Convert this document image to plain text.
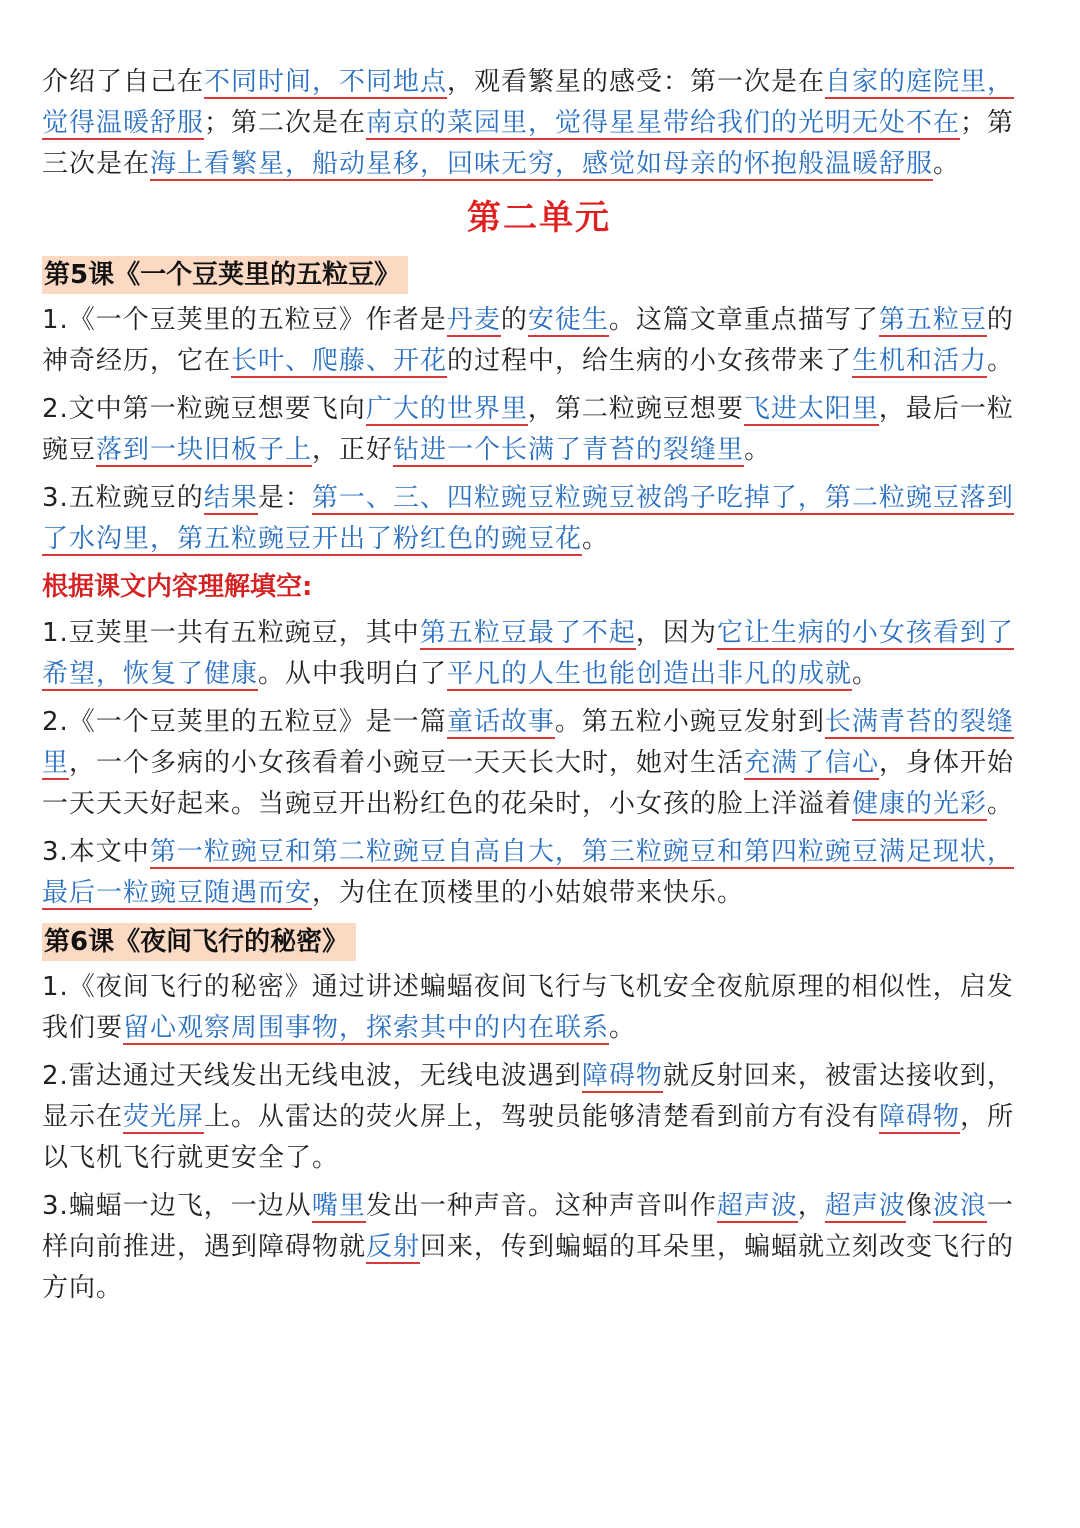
介绍了自己在不同时间，不同地点，观看繁星的感受：第一次是在自家的庭院里，觉得温暖舒服；第二次是在南京的菜园里，觉得星星带给我们的光明无处不在；第三次是在海上看繁星，船动星移，回味无穷，感觉如母亲的怀抱般温暖舒服。

第二单元
第5课《一个豆荚里的五粒豆》

1.《一个豆荚里的五粒豆》作者是丹麦的安徒生。这篇文章重点描写了第五粒豆的神奇经历，它在长叶、爬藤、开花的过程中，给生病的小女孩带来了生机和活力。

2.文中第一粒豌豆想要飞向广大的世界里，第二粒豌豆想要飞进太阳里，最后一粒豌豆落到一块旧板子上，正好钻进一个长满了青苔的裂缝里。

3.五粒豌豆的结果是：第一、三、四粒豌豆粒豌豆被鸽子吃掉了，第二粒豌豆落到了水沟里，第五粒豌豆开出了粉红色的豌豆花。

根据课文内容理解填空:

1.豆荚里一共有五粒豌豆，其中第五粒豆最了不起，因为它让生病的小女孩看到了希望，恢复了健康。从中我明白了平凡的人生也能创造出非凡的成就。

2.《一个豆荚里的五粒豆》是一篇童话故事。第五粒小豌豆发射到长满青苔的裂缝里，一个多病的小女孩看着小豌豆一天天长大时，她对生活充满了信心，身体开始一天天天好起来。当豌豆开出粉红色的花朵时，小女孩的脸上洋溢着健康的光彩。

3.本文中第一粒豌豆和第二粒豌豆自高自大，第三粒豌豆和第四粒豌豆满足现状，最后一粒豌豆随遇而安，为住在顶楼里的小姑娘带来快乐。

第6课《夜间飞行的秘密》

1.《夜间飞行的秘密》通过讲述蝙蝠夜间飞行与飞机安全夜航原理的相似性，启发我们要留心观察周围事物，探索其中的内在联系。

2.雷达通过天线发出无线电波，无线电波遇到障碍物就反射回来，被雷达接收到，显示在荧光屏上。从雷达的荧火屏上，驾驶员能够清楚看到前方有没有障碍物，所以飞机飞行就更安全了。

3.蝙蝠一边飞，一边从嘴里发出一种声音。这种声音叫作超声波，超声波像波浪一样向前推进，遇到障碍物就反射回来，传到蝙蝠的耳朵里，蝙蝠就立刻改变飞行的方向。
